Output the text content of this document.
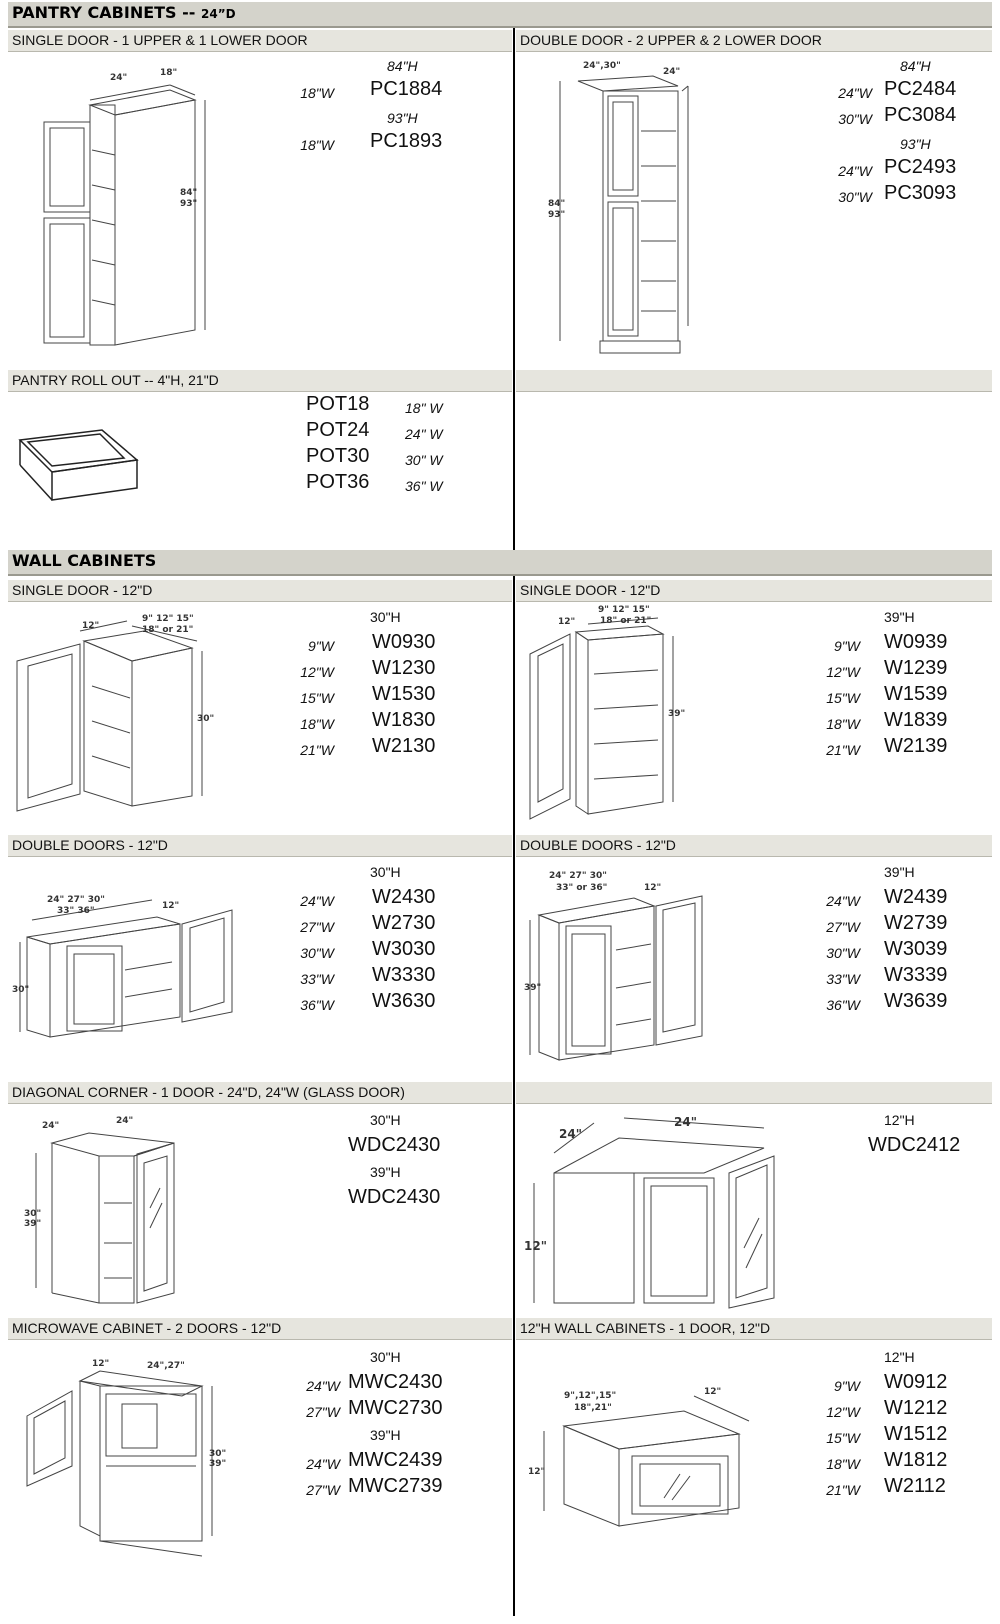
PANTRY CABINETS -- 24”D
WALL CABINETS
SINGLE DOOR - 1 UPPER & 1 LOWER DOOR	DOUBLE DOOR - 2 UPPER & 2 LOWER DOOR
PANTRY ROLL OUT -- 4"H, 21"D
SINGLE DOOR - 12"D	SINGLE DOOR - 12"D
DOUBLE DOORS - 12"D	DOUBLE DOORS - 12"D
DIAGONAL CORNER - 1 DOOR - 24"D, 24"W (GLASS DOOR)
MICROWAVE CABINET - 2 DOORS - 12"D	12"H WALL CABINETS - 1 DOOR, 12"D
24"	18"
84"
93"
84"H
18"W PC1884
93"H
18"W PC1893
24",30"
24"
84"
93"
84"H
24"W PC2484
30"W PC3084
93"H
24"W PC2493
30"W PC3093
POT18	18" W
POT24	24" W
POT30	30" W
POT36	36" W
12"
9" 12" 15"
18" or 21"
30"
30"H
9"W W0930
12"W W1230
15"W W1530
18"W W1830
21"W W2130
12"
9" 12" 15"
18" or 21"
39"
39"H
9"W W0939
12"W W1239
15"W W1539
18"W W1839
21"W W2139
24" 27" 30"
33" 36"	12"
30"
30"H
24"W W2430
27"W W2730
30"W W3030
33"W W3330
36"W W3630
24" 27" 30"
33" or 36"	12"
39"
39"H
24"W W2439
27"W W2739
30"W W3039
33"W W3339
36"W W3639
24"	24"
30"
39"
30"H
WDC2430
39"H
WDC2430
24"
24"
12"
12"H
WDC2412
12"	24",27"
30"
39"
30"H
24"W MWC2430
27"W MWC2730
39"H
24"W MWC2439
27"W MWC2739
9",12",15"
18",21"
12"
12"
12"H
9"W W0912
12"W W1212
15"W W1512
18"W W1812
21"W W2112
